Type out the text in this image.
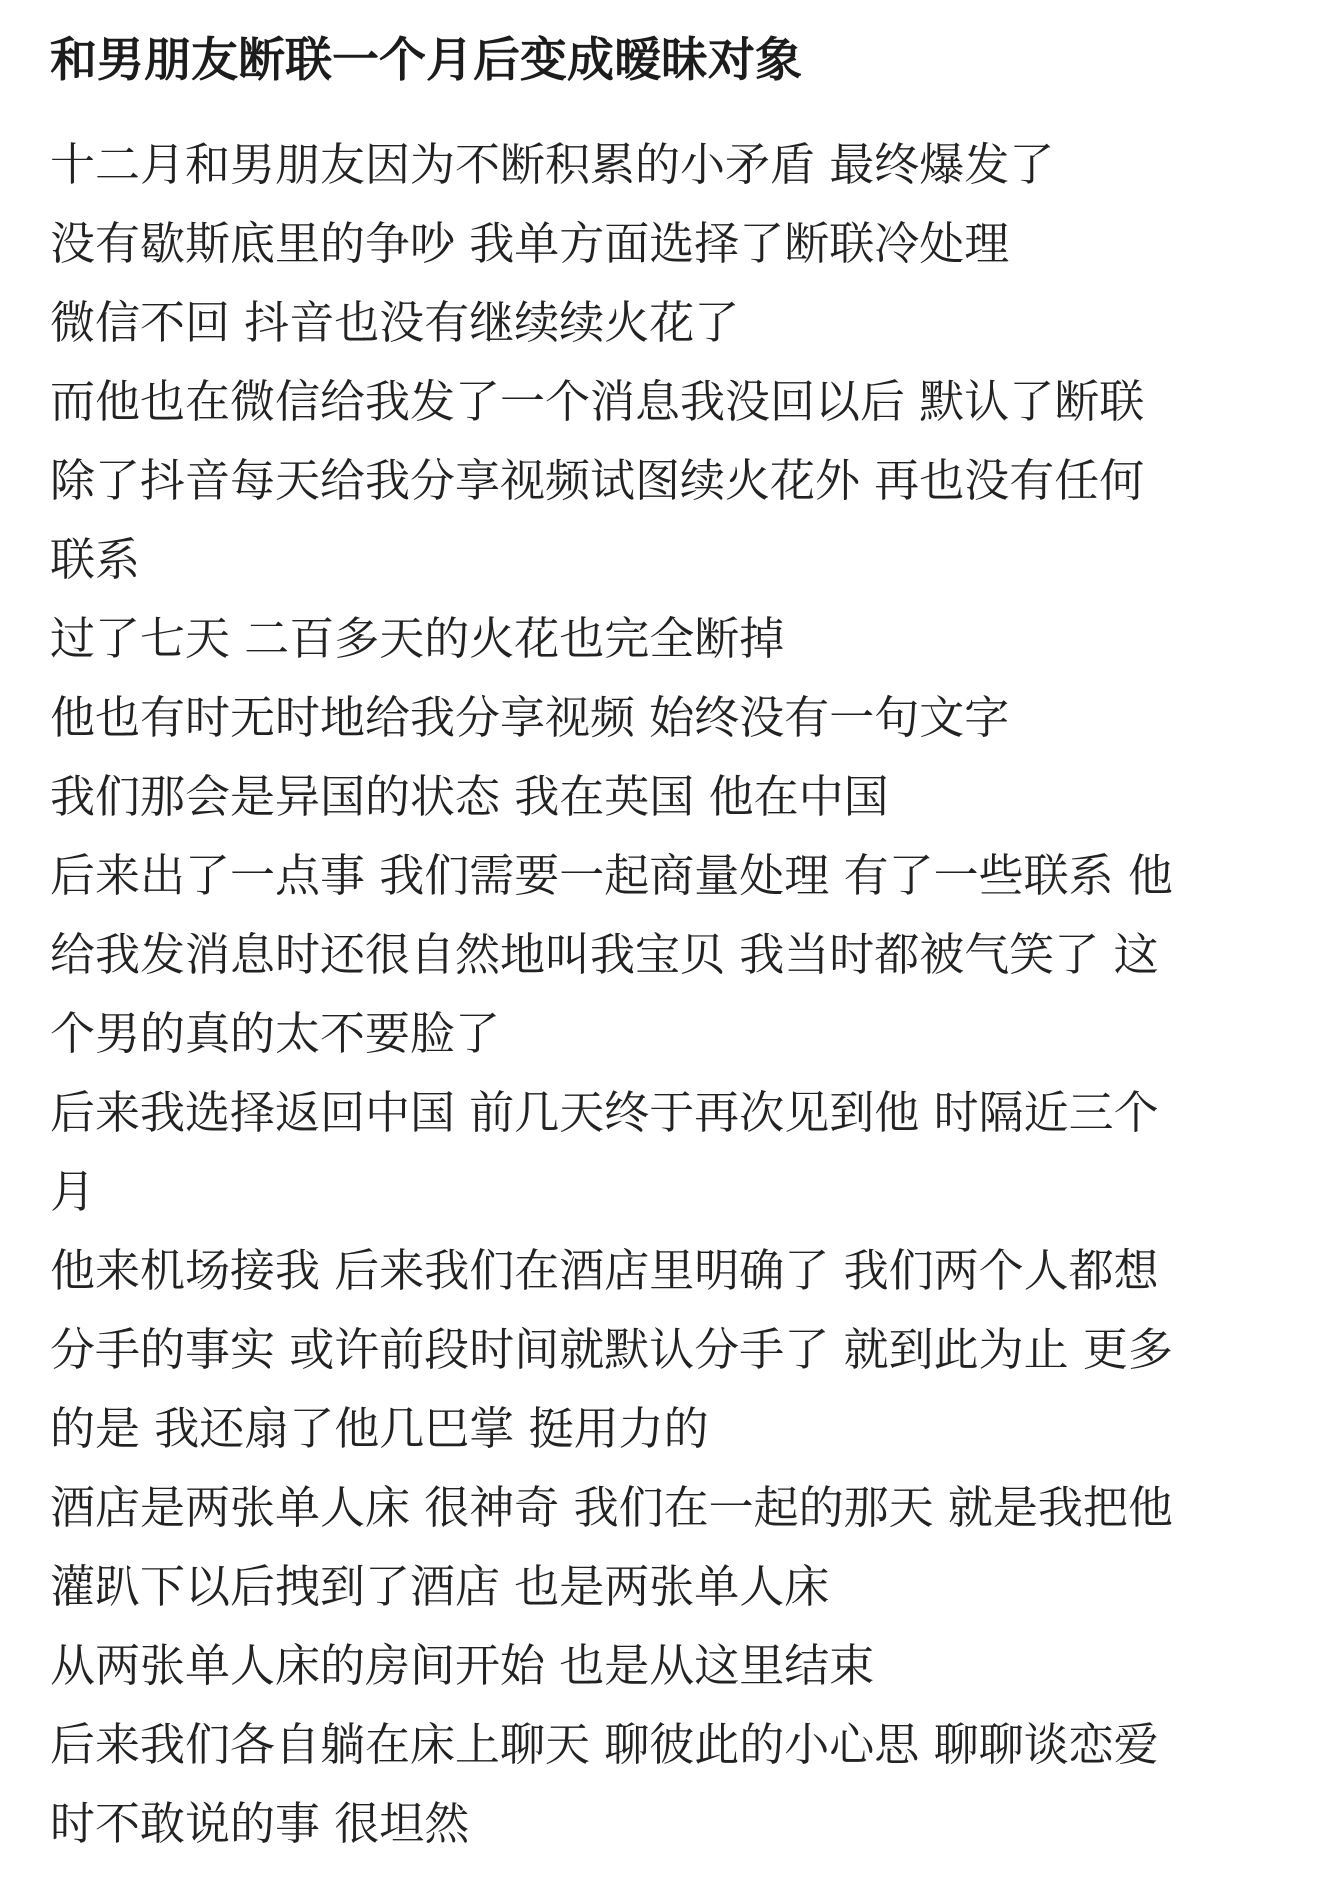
和男朋友断联一个月后变成暧昧对象
十二月和男朋友因为不断积累的小矛盾 最终爆发了
没有歇斯底里的争吵 我单方面选择了断联冷处理
微信不回 抖音也没有继续续火花了
而他也在微信给我发了一个消息我没回以后 默认了断联
除了抖音每天给我分享视频试图续火花外 再也没有任何
联系
过了七天 二百多天的火花也完全断掉
他也有时无时地给我分享视频 始终没有一句文字
我们那会是异国的状态 我在英国 他在中国
后来出了一点事 我们需要一起商量处理 有了一些联系 他
给我发消息时还很自然地叫我宝贝 我当时都被气笑了 这
个男的真的太不要脸了
后来我选择返回中国 前几天终于再次见到他 时隔近三个
月
他来机场接我 后来我们在酒店里明确了 我们两个人都想
分手的事实 或许前段时间就默认分手了 就到此为止 更多
的是 我还扇了他几巴掌 挺用力的
酒店是两张单人床 很神奇 我们在一起的那天 就是我把他
灌趴下以后拽到了酒店 也是两张单人床
从两张单人床的房间开始 也是从这里结束
后来我们各自躺在床上聊天 聊彼此的小心思 聊聊谈恋爱
时不敢说的事 很坦然
